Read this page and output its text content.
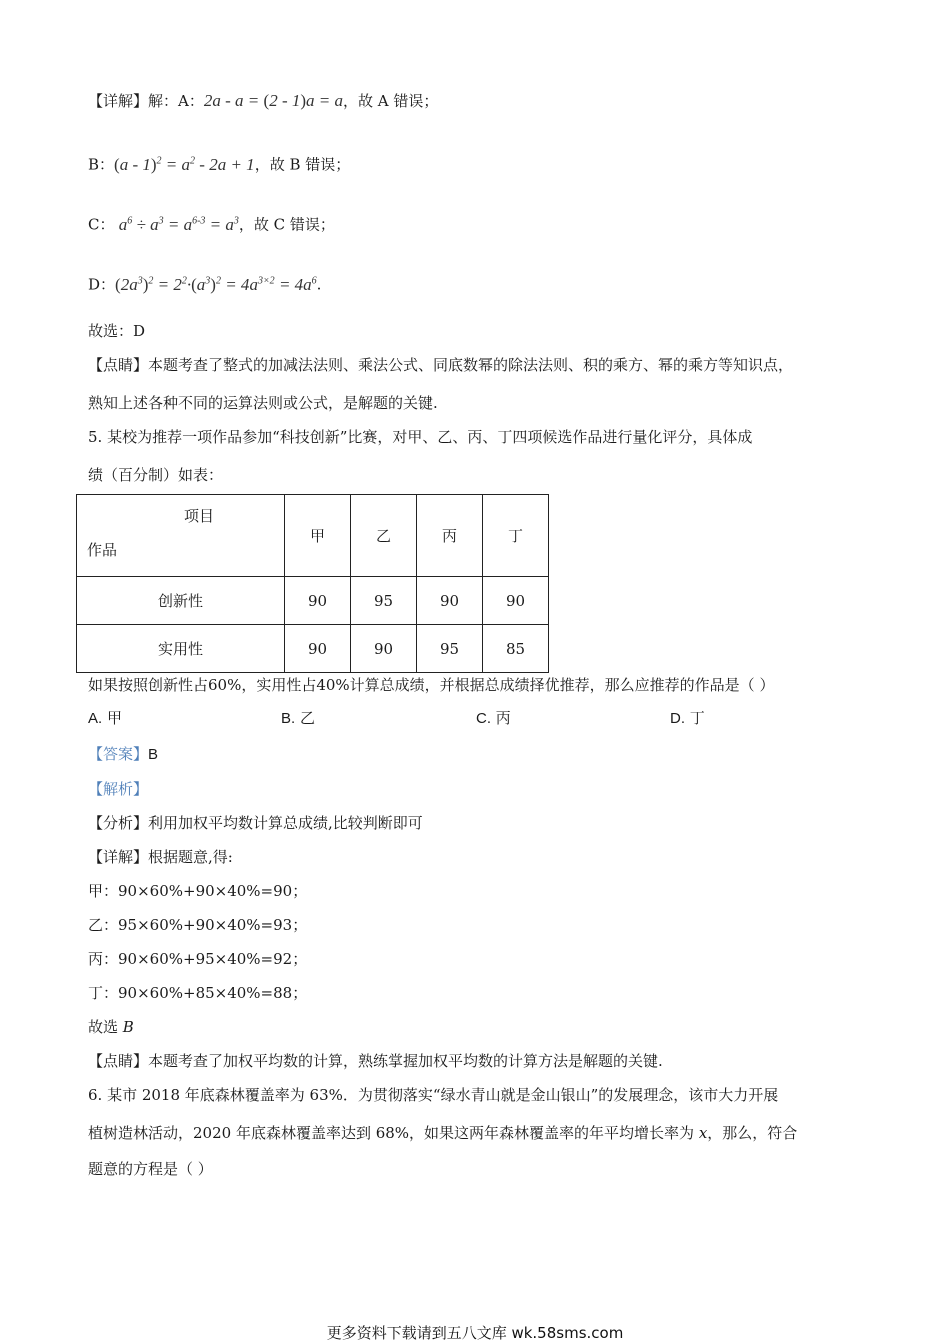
【详解】解：A：2a - a = (2 - 1)a = a，故 A 错误；
B：$(a - 1)^2 = a^2 - 2a + 1$，故 B 错误；
C： $a^6 \div a^3 = a^{6-3} = a^3$，故 C 错误；
D：$(2a^3)^2 = 2^2\cdot(a^3)^2 = 4a^{3\times 2} = 4a^6$.
故选：D
【点睛】本题考查了整式的加减法法则、乘法公式、同底数幂的除法法则、积的乘方、幂的乘方等知识点，
熟知上述各种不同的运算法则或公式，是解题的关键.
5. 某校为推荐一项作品参加“科技创新”比赛，对甲、乙、丙、丁四项候选作品进行量化评分，具体成
绩（百分制）如表：
项目
作品	甲	乙	丙	丁
创新性	90	95	90	90
实用性	90	90	95	85
如果按照创新性占60%，实用性占40%计算总成绩，并根据总成绩择优推荐，那么应推荐的作品是（ ）
A. 甲	B. 乙	C. 丙	D. 丁
【答案】B
【解析】
【分析】利用加权平均数计算总成绩,比较判断即可
【详解】根据题意,得:
甲：90×60%+90×40%=90；
乙：95×60%+90×40%=93；
丙：90×60%+95×40%=92；
丁：90×60%+85×40%=88；
故选 B
【点睛】本题考查了加权平均数的计算，熟练掌握加权平均数的计算方法是解题的关键.
6. 某市 2018 年底森林覆盖率为 63%．为贯彻落实“绿水青山就是金山银山”的发展理念，该市大力开展
植树造林活动，2020 年底森林覆盖率达到 68%，如果这两年森林覆盖率的年平均增长率为 x，那么，符合
题意的方程是（ ）
更多资料下载请到五八文库 wk.58sms.com
